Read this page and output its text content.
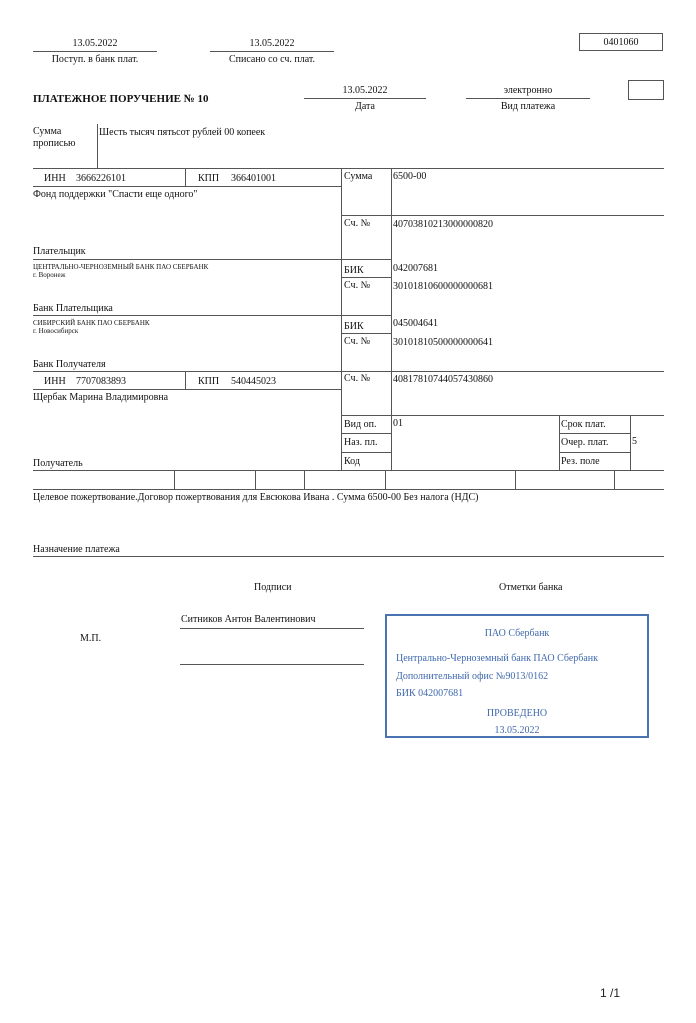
13.05.2022
Поступ. в банк плат.
13.05.2022
Списано со сч. плат.
0401060
ПЛАТЕЖНОЕ ПОРУЧЕНИЕ № 10
13.05.2022
Дата
электронно
Вид платежа
Сумма
прописью
Шесть тысяч пятьсот рублей 00 копеек
ИНН 3666226101	КПП 366401001	Сумма 6500-00
Фонд поддержки "Спасти еще одного"
Сч. № 40703810213000000820
Плательщик
ЦЕНТРАЛЬНО-ЧЕРНОЗЕМНЫЙ БАНК ПАО СБЕРБАНК
г. Воронеж	БИК	042007681
Сч. № 30101810600000000681
Банк Плательщика
СИБИРСКИЙ БАНК ПАО СБЕРБАНК
г. Новосибирск	БИК	045004641
Сч. № 30101810500000000641
Банк Получателя
ИНН 7707083893	КПП 540445023	Сч. № 40817810744057430860
Щербак Марина Владимировна
Получатель
Вид оп. 01
Наз. пл.
Код
Срок плат.
Очер. плат. 5
Рез. поле
Целевое пожертвование.Договор пожертвования для Евсюкова Ивана . Сумма 6500-00 Без налога (НДС)
Назначение платежа
Подписи	Отметки банка
М.П.
Ситников Антон Валентинович
ПАО Сбербанк
Центрально-Черноземный банк ПАО Сбербанк
Дополнительный офис №9013/0162
БИК 042007681
ПРОВЕДЕНО
13.05.2022
1 /1
